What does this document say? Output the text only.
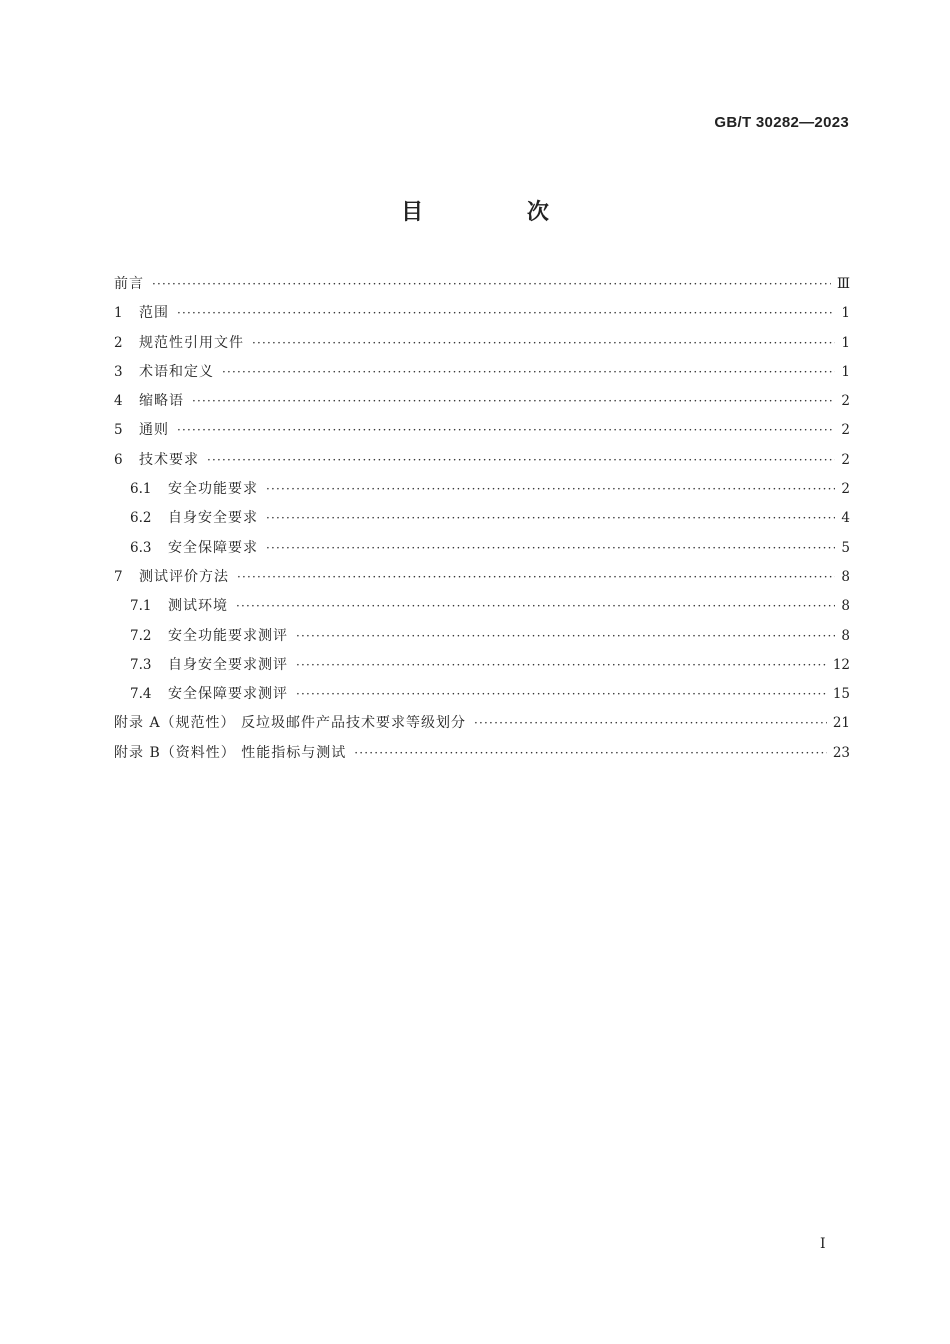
GB/T 30282—2023
目 次
前言 ·····	Ⅲ
1	范围 ·····	1
2	规范性引用文件 ·····	1
3	术语和定义 ·····	1
4	缩略语 ·····	2
5	通则 ·····	2
6	技术要求 ·····	2
6.1	安全功能要求 ·····	2
6.2	自身安全要求 ·····	4
6.3	安全保障要求 ·····	5
7	测试评价方法 ·····	8
7.1	测试环境 ·····	8
7.2	安全功能要求测评 ·····	8
7.3	自身安全要求测评 ·····	12
7.4	安全保障要求测评 ·····	15
附录 A（规范性） 反垃圾邮件产品技术要求等级划分 ·····	21
附录 B（资料性） 性能指标与测试 ·····	23
I
